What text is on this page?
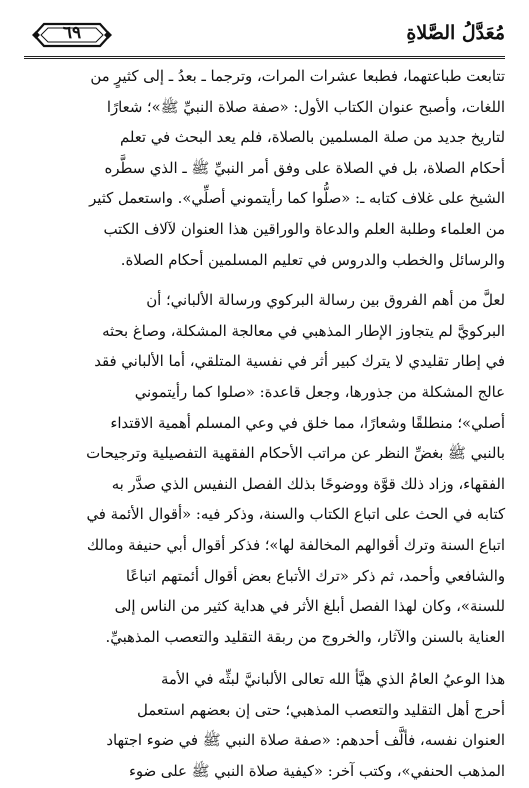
مُعَدَّلُ الصَّلاةِ
٦٩
تتابعت طباعتهما، فطبعا عشرات المرات، وترجما ـ بعدُ ـ إلى كثيرٍ من
اللغات، وأصبح عنوان الكتاب الأول: «صفة صلاة النبيِّ ﷺ»؛ شعارًا
لتاريخ جديد من صلة المسلمين بالصلاة، فلم يعد البحث في تعلم
أحكام الصلاة، بل في الصلاة على وفق أمر النبيِّ ﷺ ـ الذي سطَّره
الشيخ على غلاف كتابه ـ: «صلُّوا كما رأيتموني أصلِّي». واستعمل كثير
من العلماء وطلبة العلم والدعاة والوراقين هذا العنوان لآلاف الكتب
والرسائل والخطب والدروس في تعليم المسلمين أحكام الصلاة.
لعلَّ من أهم الفروق بين رسالة البركوي ورسالة الألباني؛ أن
البركويَّ لم يتجاوز الإطار المذهبي في معالجة المشكلة، وصاغ بحثه
في إطار تقليدي لا يترك كبير أثر في نفسية المتلقي، أما الألباني فقد
عالج المشكلة من جذورها، وجعل قاعدة: «صلوا كما رأيتموني
أصلي»؛ منطلقًا وشعارًا، مما خلق في وعي المسلم أهمية الاقتداء
بالنبي ﷺ بغضِّ النظر عن مراتب الأحكام الفقهية التفصيلية وترجيحات
الفقهاء، وزاد ذلك قوَّة ووضوحًا بذلك الفصل النفيس الذي صدَّر به
كتابه في الحث على اتباع الكتاب والسنة، وذكر فيه: «أقوال الأئمة في
اتباع السنة وترك أقوالهم المخالفة لها»؛ فذكر أقوال أبي حنيفة ومالك
والشافعي وأحمد، ثم ذكر «ترك الأتباع بعض أقوال أئمتهم اتباعًا
للسنة»، وكان لهذا الفصل أبلغ الأثر في هداية كثير من الناس إلى
العناية بالسنن والآثار، والخروج من ربقة التقليد والتعصب المذهبيِّ.
هذا الوعيُ العامُ الذي هيَّأ الله تعالى الألبانيَّ لبثِّه في الأمة
أحرج أهل التقليد والتعصب المذهبي؛ حتى إن بعضهم استعمل
العنوان نفسه، فألَّف أحدهم: «صفة صلاة النبي ﷺ في ضوء اجتهاد
المذهب الحنفي»، وكتب آخر: «كيفية صلاة النبي ﷺ على ضوء
